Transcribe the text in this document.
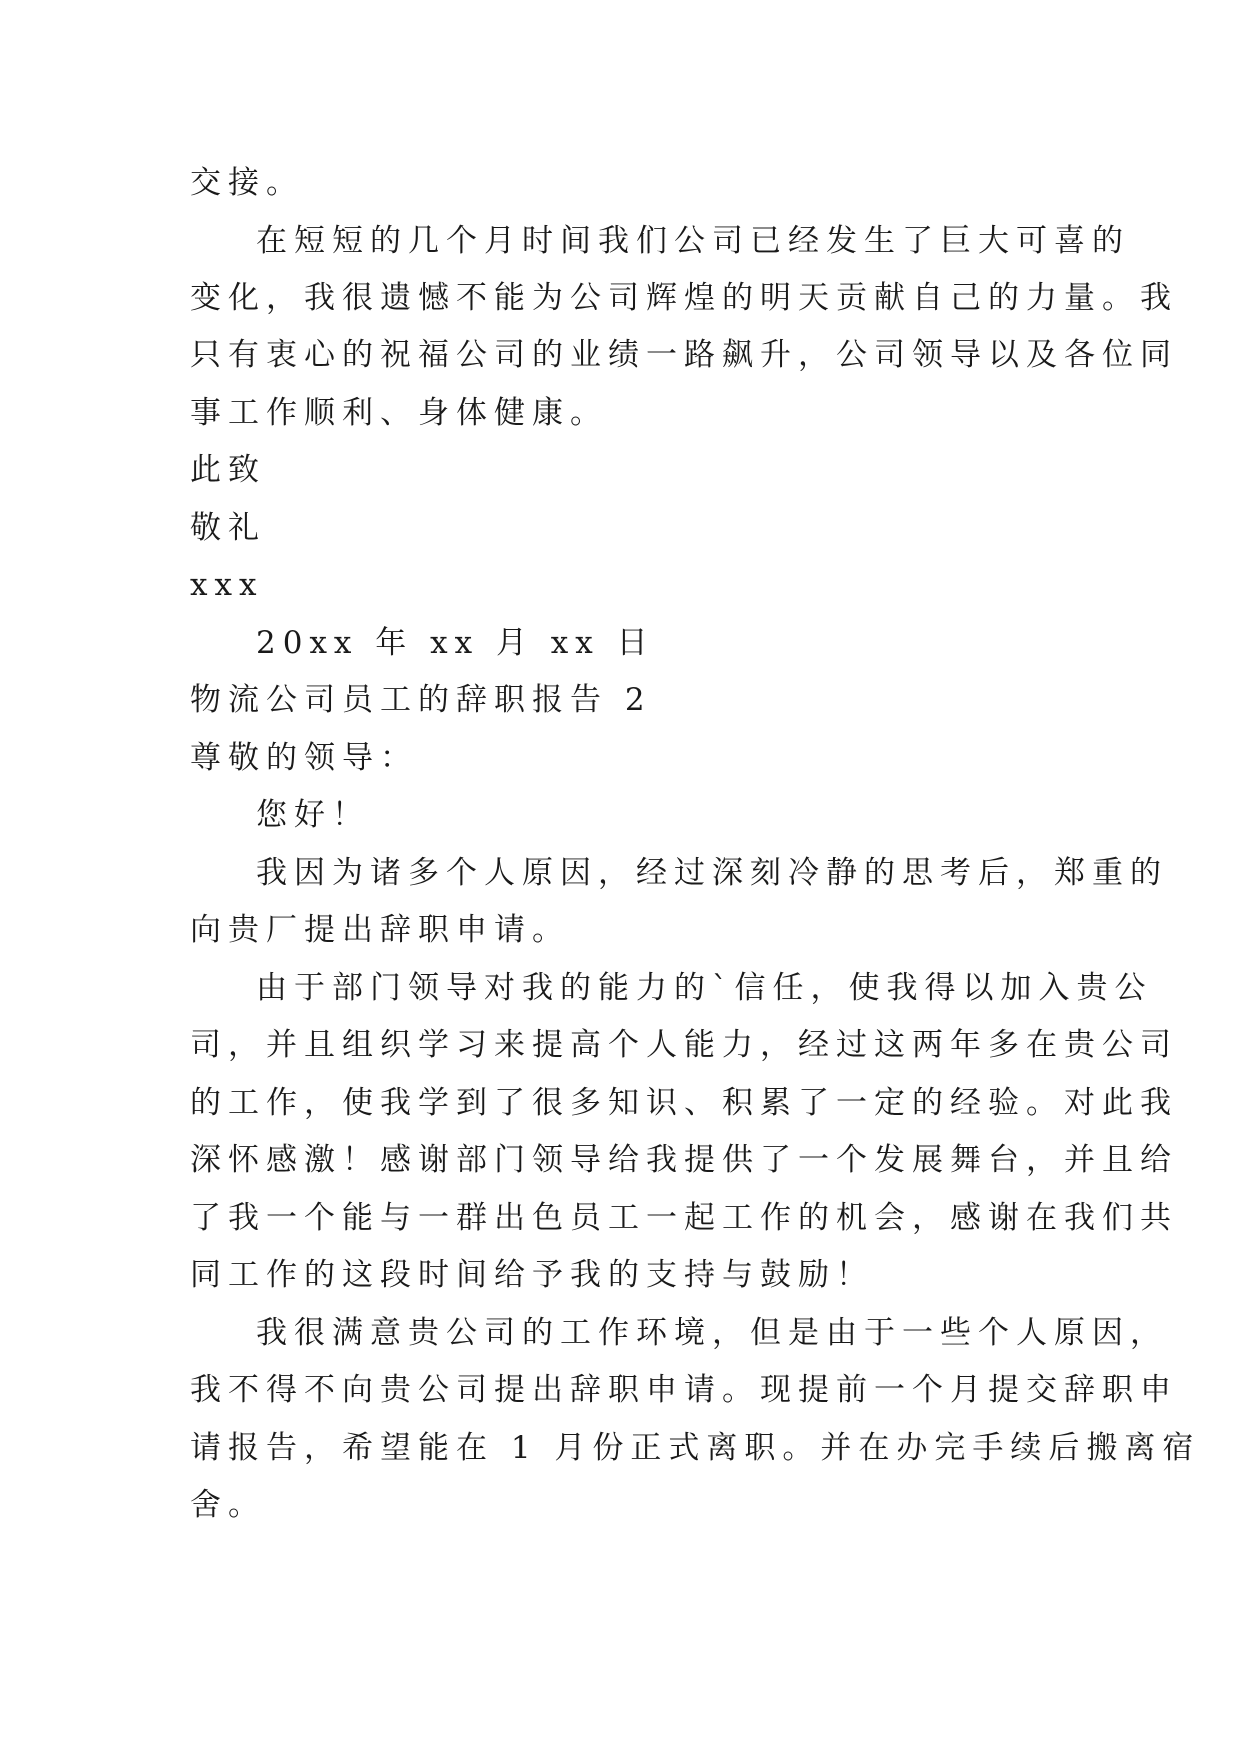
交接。
在短短的几个月时间我们公司已经发生了巨大可喜的
变化，我很遗憾不能为公司辉煌的明天贡献自己的力量。我
只有衷心的祝福公司的业绩一路飙升，公司领导以及各位同
事工作顺利、身体健康。
此致
敬礼
xxx
20xx 年 xx 月 xx 日
物流公司员工的辞职报告 2
尊敬的领导：
您好！
我因为诸多个人原因，经过深刻冷静的思考后，郑重的
向贵厂提出辞职申请。
由于部门领导对我的能力的`信任，使我得以加入贵公
司，并且组织学习来提高个人能力，经过这两年多在贵公司
的工作，使我学到了很多知识、积累了一定的经验。对此我
深怀感激！感谢部门领导给我提供了一个发展舞台，并且给
了我一个能与一群出色员工一起工作的机会，感谢在我们共
同工作的这段时间给予我的支持与鼓励！
我很满意贵公司的工作环境，但是由于一些个人原因，
我不得不向贵公司提出辞职申请。现提前一个月提交辞职申
请报告，希望能在 1 月份正式离职。并在办完手续后搬离宿
舍。
